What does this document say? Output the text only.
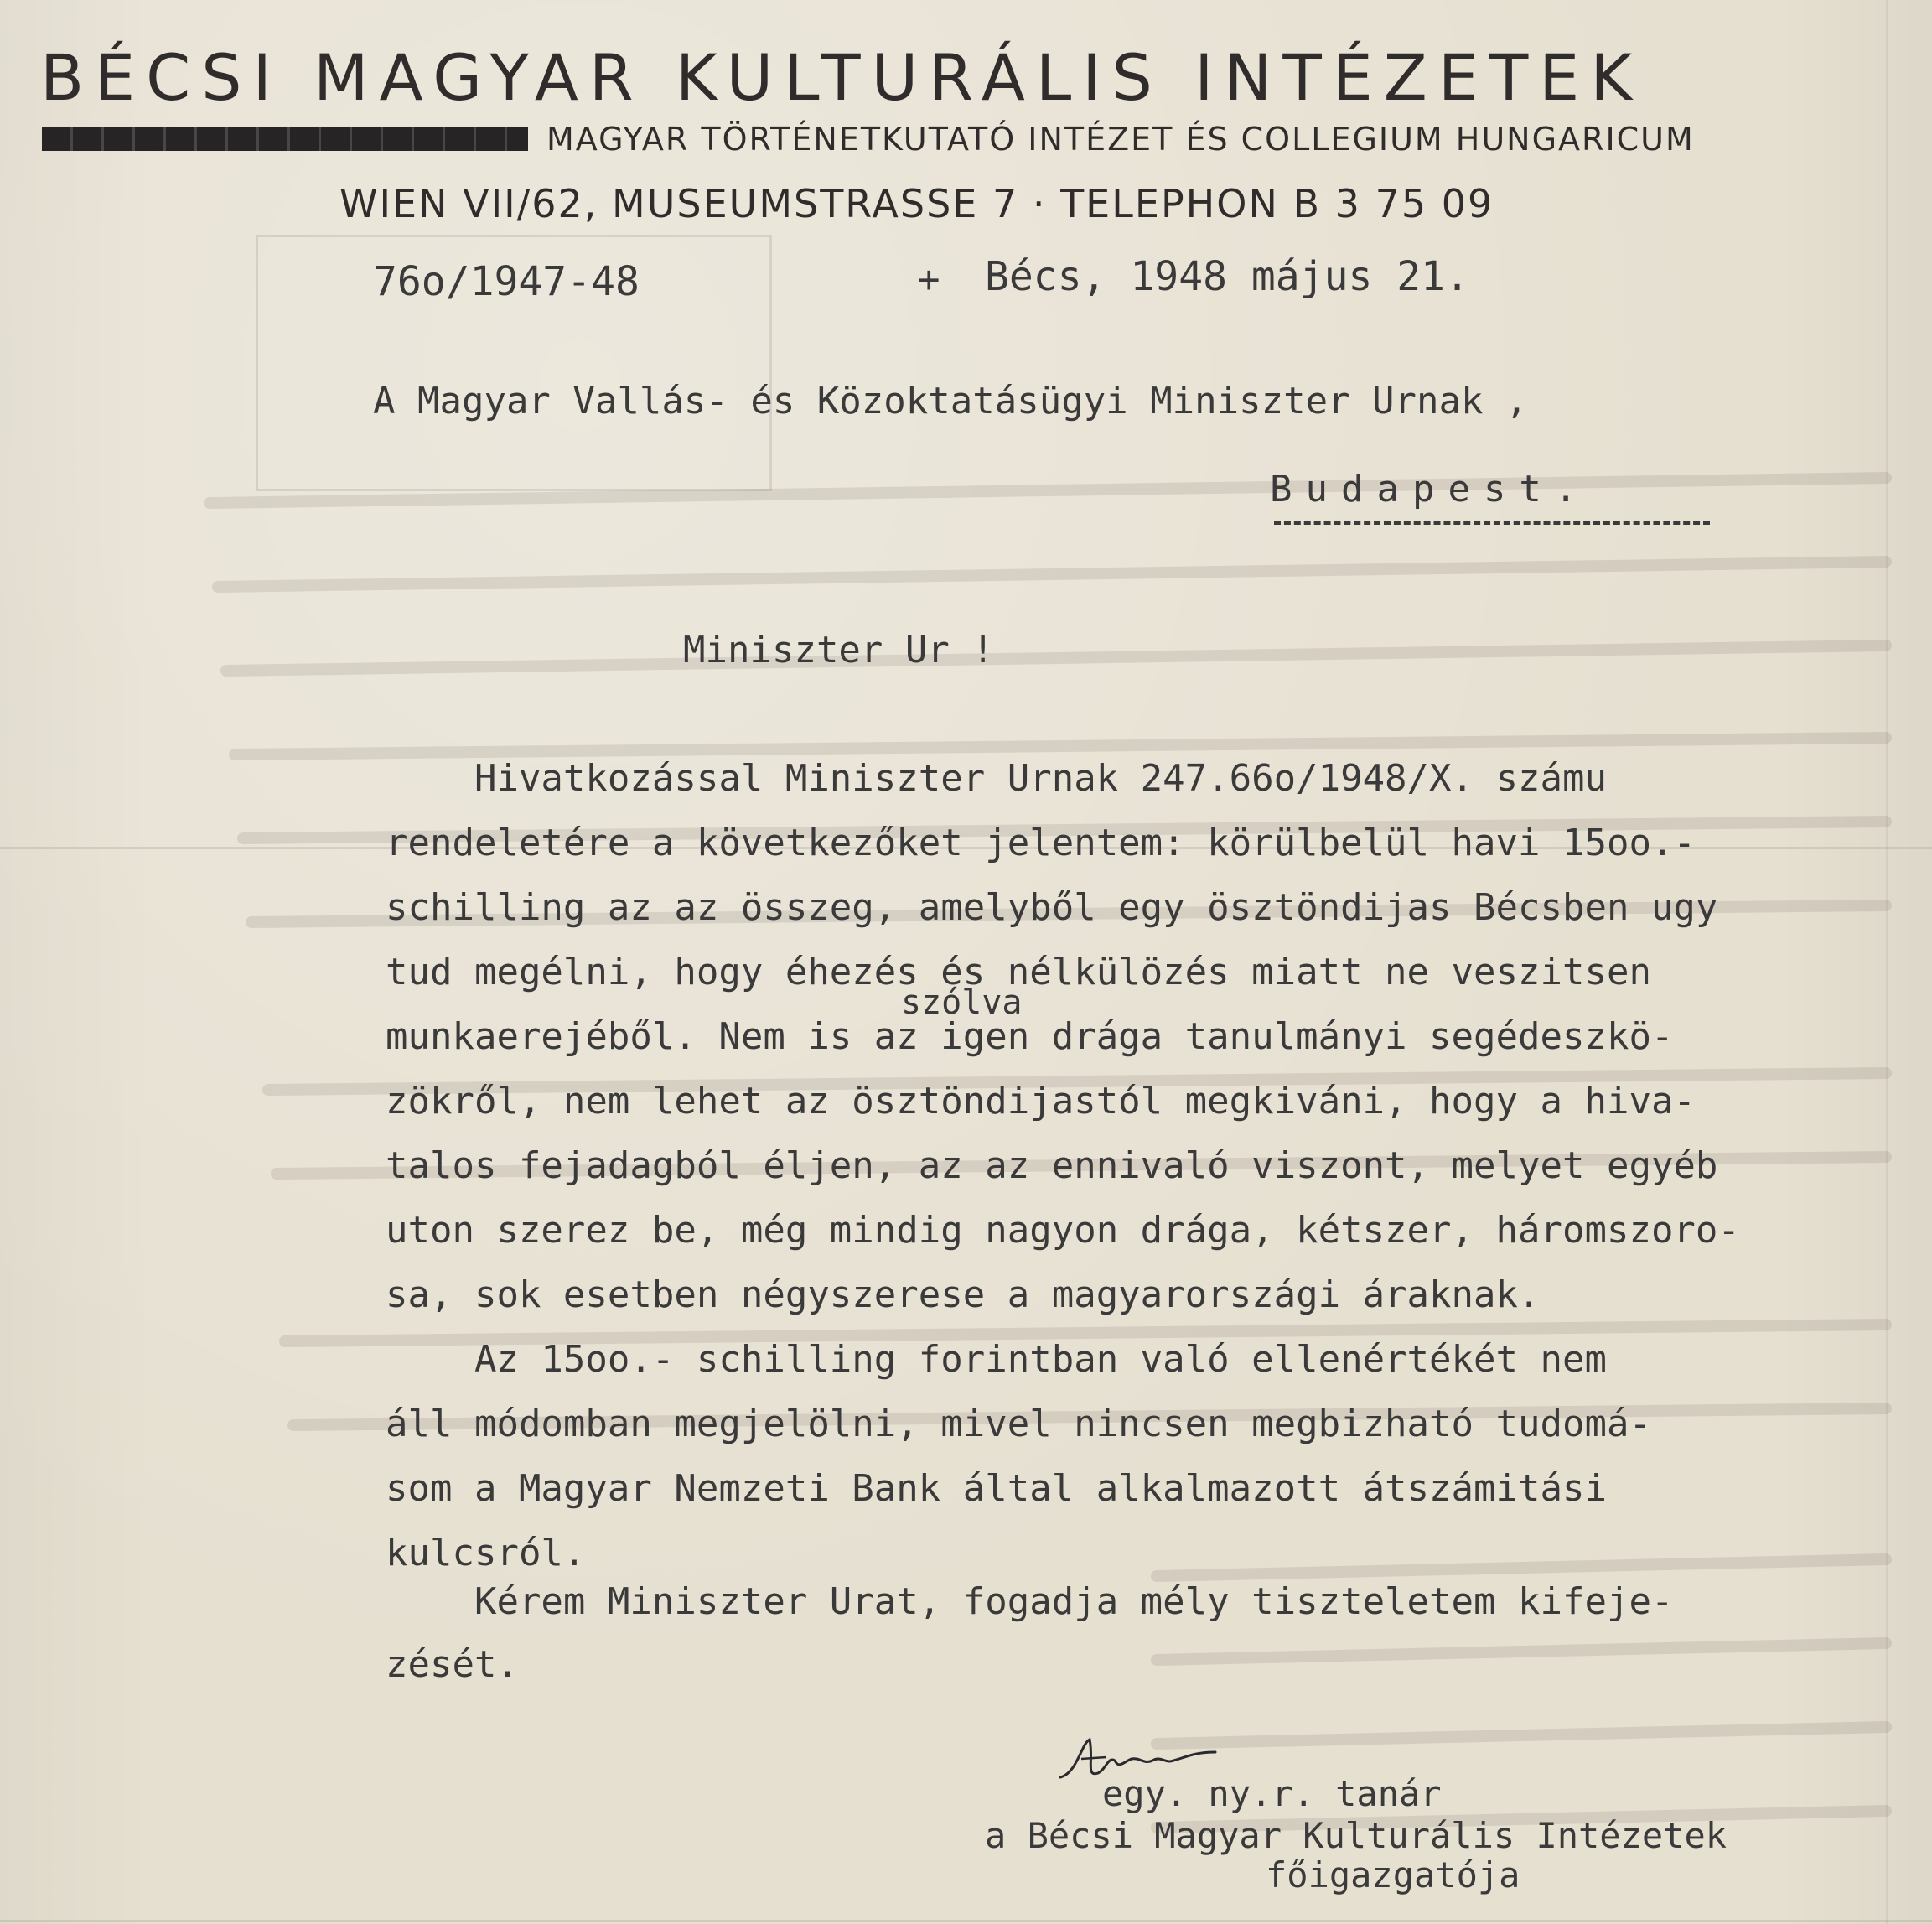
BÉCSI MAGYAR KULTURÁLIS INTÉZETEK
MAGYAR TÖRTÉNETKUTATÓ INTÉZET ÉS COLLEGIUM HUNGARICUM
WIEN VII/62, MUSEUMSTRASSE 7 · TELEPHON B 3 75 09
76o/1947-48	+ Bécs, 1948 május 21.
A Magyar Vallás- és Közoktatásügyi Miniszter Urnak ,
Budapest.
Miniszter Ur !
Hivatkozással Miniszter Urnak 247.66o/1948/X. számu
rendeletére a következőket jelentem: körülbelül havi 15oo.-
schilling az az összeg, amelyből egy ösztöndijas Bécsben ugy
tud megélni, hogy éhezés és nélkülözés miatt ne veszitsen
szólva
munkaerejéből. Nem is az igen drága tanulmányi segédeszkö-
zökről, nem lehet az ösztöndijastól megkiváni, hogy a hiva-
talos fejadagból éljen, az az ennivaló viszont, melyet egyéb
uton szerez be, még mindig nagyon drága, kétszer, háromszoro-
sa, sok esetben négyszerese a magyarországi áraknak.
Az 15oo.- schilling forintban való ellenértékét nem
áll módomban megjelölni, mivel nincsen megbizható tudomá-
som a Magyar Nemzeti Bank által alkalmazott átszámitási
kulcsról.
Kérem Miniszter Urat, fogadja mély tiszteletem kifeje-
zését.
egy. ny.r. tanár
a Bécsi Magyar Kulturális Intézetek
főigazgatója
